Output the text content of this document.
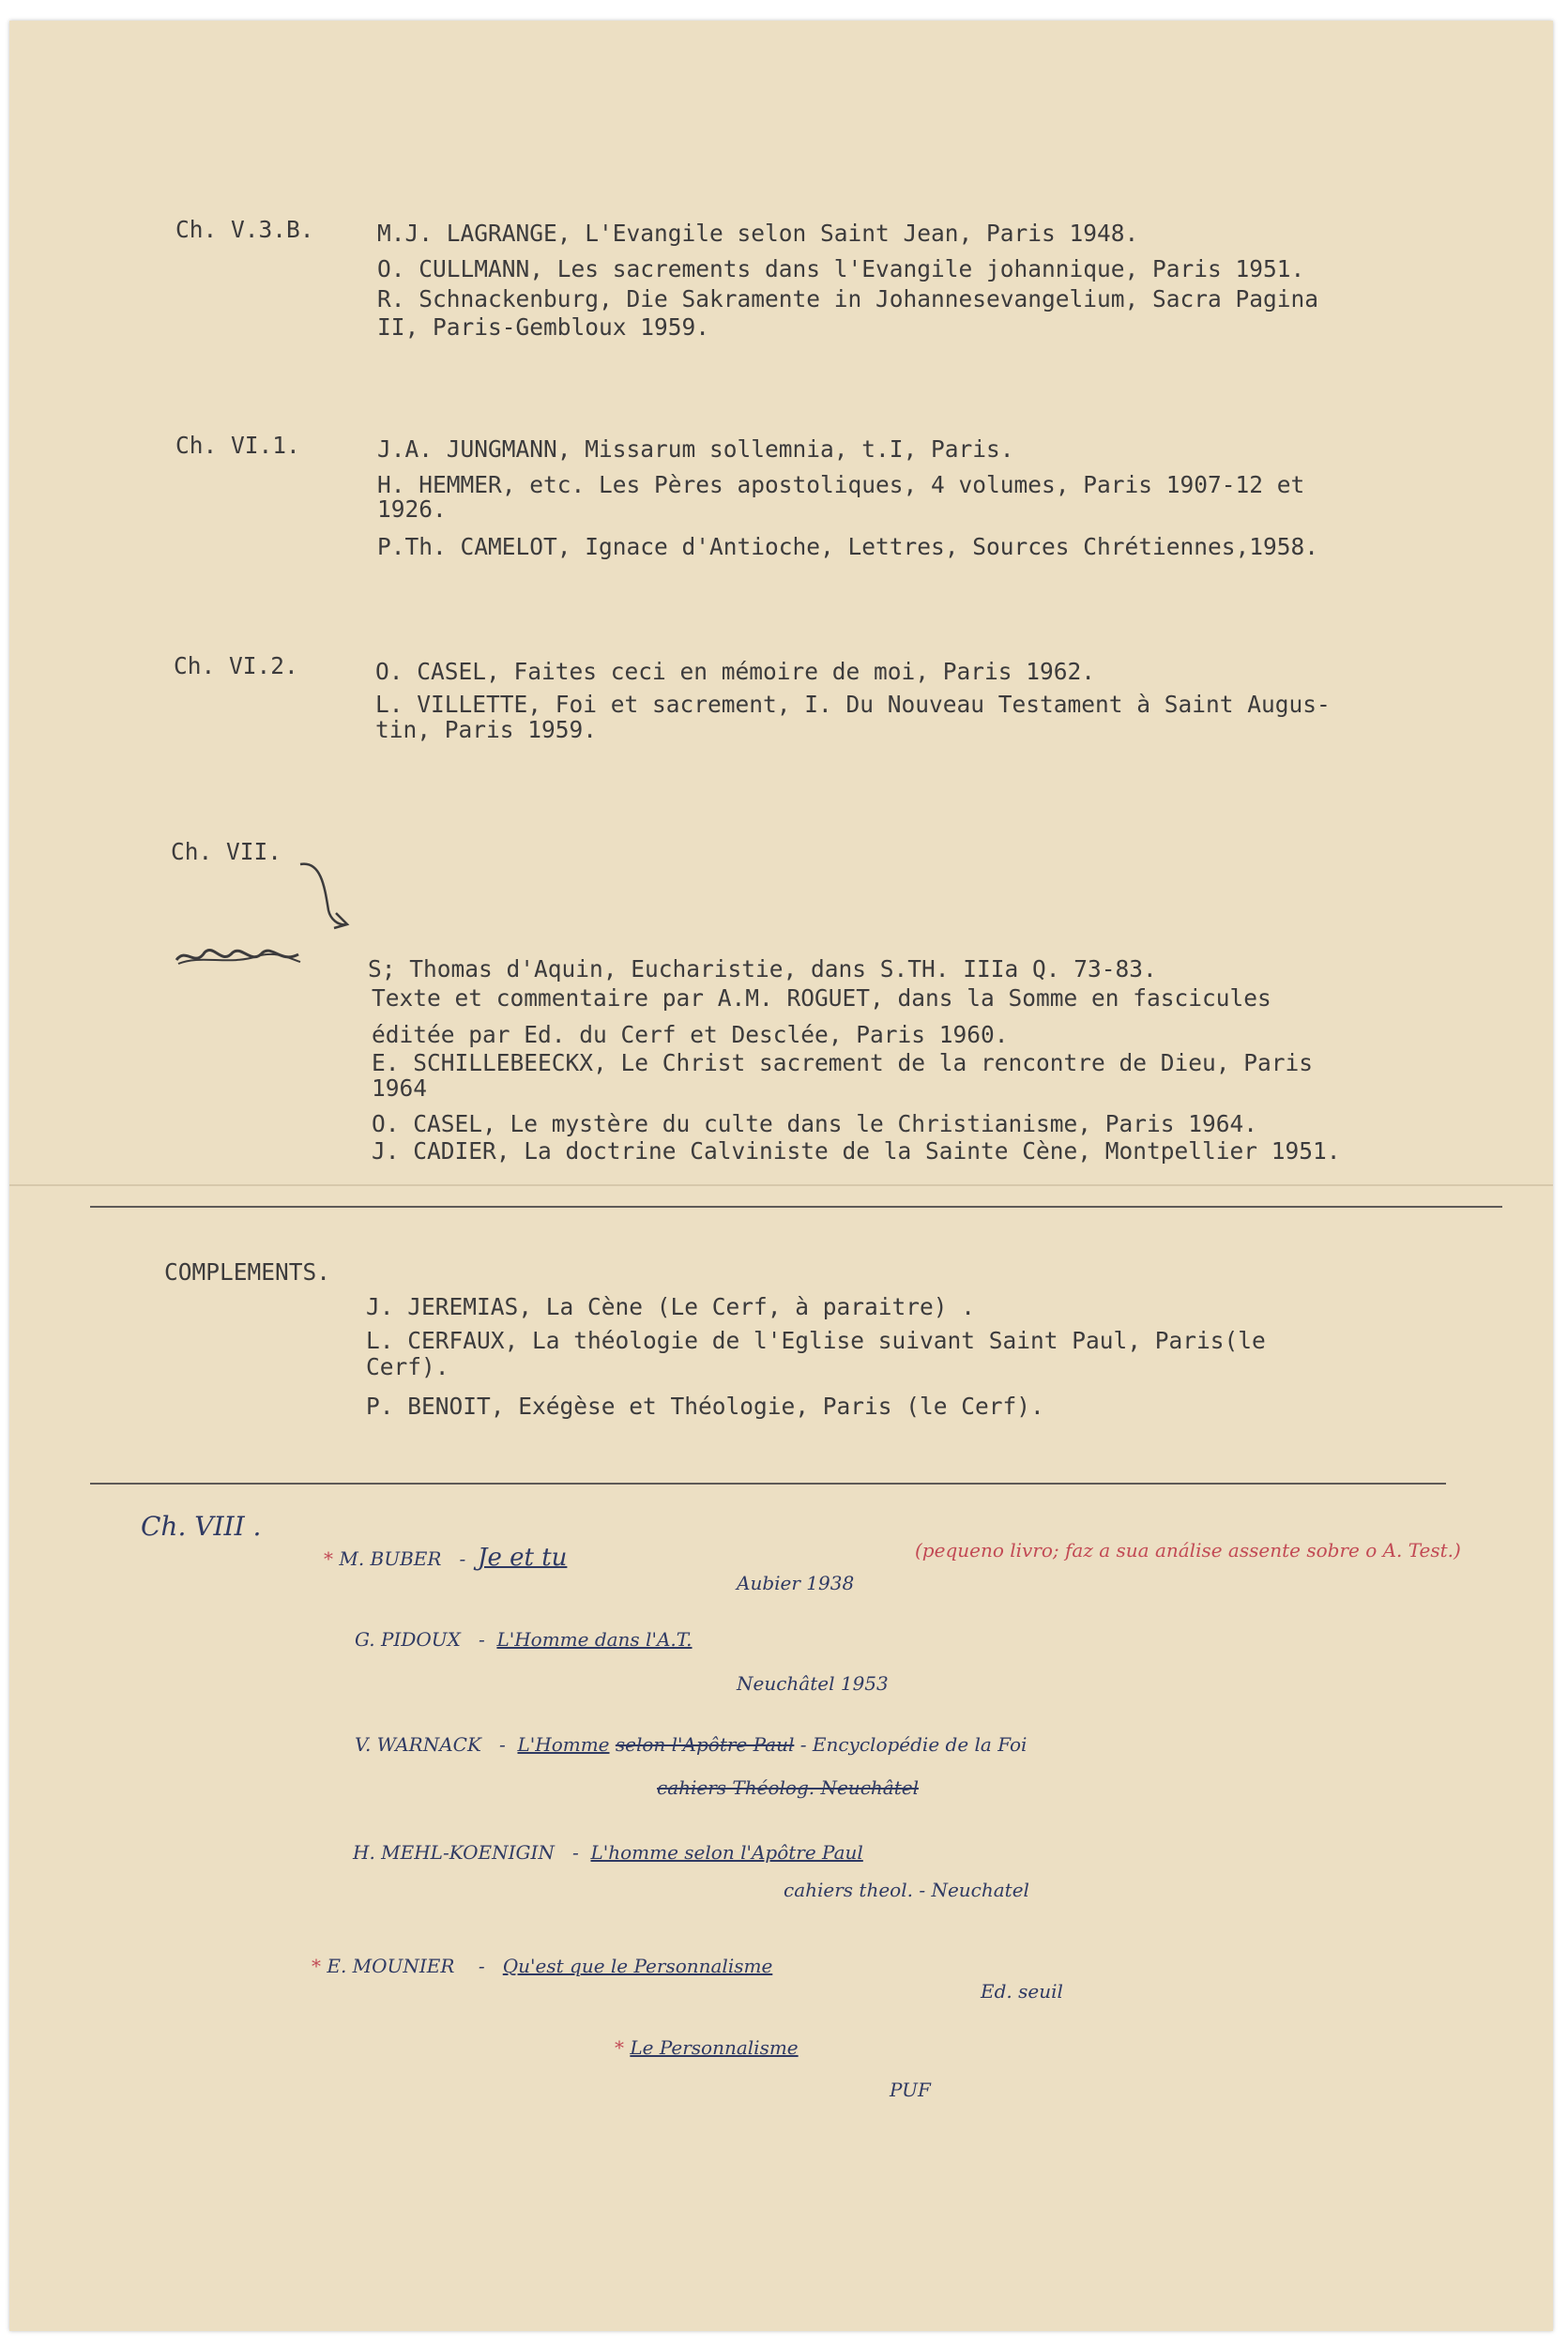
Ch. V.3.B.	M.J. LAGRANGE, L'Evangile selon Saint Jean, Paris 1948.
O. CULLMANN, Les sacrements dans l'Evangile johannique, Paris 1951.
R. Schnackenburg, Die Sakramente in Johannesevangelium, Sacra Pagina
II, Paris-Gembloux 1959.
Ch. VI.1.	J.A. JUNGMANN, Missarum sollemnia, t.I, Paris.
H. HEMMER, etc. Les Pères apostoliques, 4 volumes, Paris 1907-12 et
1926.
P.Th. CAMELOT, Ignace d'Antioche, Lettres, Sources Chrétiennes,1958.
Ch. VI.2.	O. CASEL, Faites ceci en mémoire de moi, Paris 1962.
L. VILLETTE, Foi et sacrement, I. Du Nouveau Testament à Saint Augus-
tin, Paris 1959.
Ch. VII.
S; Thomas d'Aquin, Eucharistie, dans S.TH. IIIa Q. 73-83.
Texte et commentaire par A.M. ROGUET, dans la Somme en fascicules
éditée par Ed. du Cerf et Desclée, Paris 1960.
E. SCHILLEBEECKX, Le Christ sacrement de la rencontre de Dieu, Paris
1964
O. CASEL, Le mystère du culte dans le Christianisme, Paris 1964.
J. CADIER, La doctrine Calviniste de la Sainte Cène, Montpellier 1951.
COMPLEMENTS.
J. JEREMIAS, La Cène (Le Cerf, à paraitre) .
L. CERFAUX, La théologie de l'Eglise suivant Saint Paul, Paris(le
Cerf).
P. BENOIT, Exégèse et Théologie, Paris (le Cerf).
Ch. VIII .
* M. BUBER - Je et tu	(pequeno livro; faz a sua análise assente sobre o A. Test.)
Aubier 1938
G. PIDOUX - L'Homme dans l'A.T.
Neuchâtel 1953
V. WARNACK - L'Homme selon l'Apôtre Paul - Encyclopédie de la Foi
cahiers Théolog. Neuchâtel
H. MEHL-KOENIGIN - L'homme selon l'Apôtre Paul
cahiers theol. - Neuchatel
* E. MOUNIER - Qu'est que le Personnalisme
Ed. seuil
* Le Personnalisme
PUF
